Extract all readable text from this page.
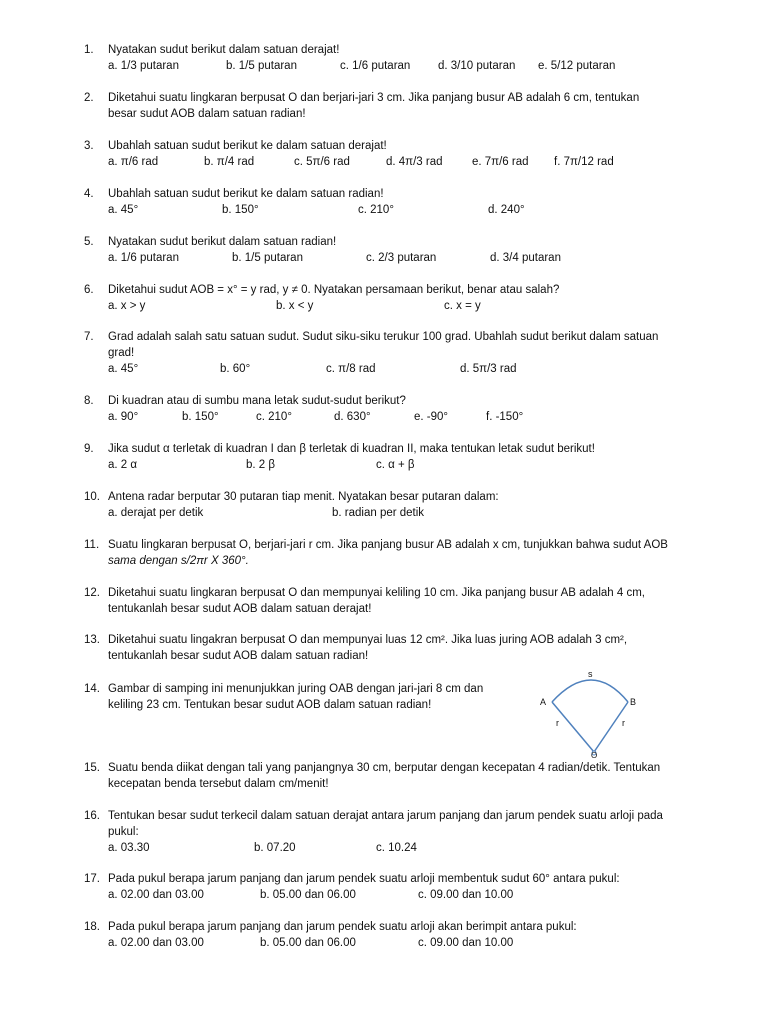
1. Nyatakan sudut berikut dalam satuan derajat!
a. 1/3 putaran	b. 1/5 putaran	c. 1/6 putaran d. 3/10 putaran e. 5/12 putaran
2. Diketahui suatu lingkaran berpusat O dan berjari-jari 3 cm. Jika panjang busur AB adalah 6 cm, tentukan
besar sudut AOB dalam satuan radian!
3. Ubahlah satuan sudut berikut ke dalam satuan derajat!
a. π/6 rad	b. π/4 rad	c. 5π/6 rad	d. 4π/3 rad	e. 7π/6 rad f. 7π/12 rad
4. Ubahlah satuan sudut berikut ke dalam satuan radian!
a. 45°	b. 150°	c. 210°	d. 240°
5. Nyatakan sudut berikut dalam satuan radian!
a. 1/6 putaran	b. 1/5 putaran	c. 2/3 putaran	d. 3/4 putaran
6. Diketahui sudut AOB = x° = y rad, y ≠ 0. Nyatakan persamaan berikut, benar atau salah?
a. x > y	b. x < y	c. x = y
7. Grad adalah salah satu satuan sudut. Sudut siku-siku terukur 100 grad. Ubahlah sudut berikut dalam satuan
grad!
a. 45°	b. 60°	c. π/8 rad	d. 5π/3 rad
8. Di kuadran atau di sumbu mana letak sudut-sudut berikut?
a. 90°	b. 150°	c. 210°	d. 630°	e. -90°	f. -150°
9. Jika sudut α terletak di kuadran I dan β terletak di kuadran II, maka tentukan letak sudut berikut!
a. 2 α	b. 2 β	c. α + β
10. Antena radar berputar 30 putaran tiap menit. Nyatakan besar putaran dalam:
a. derajat per detik	b. radian per detik
11. Suatu lingkaran berpusat O, berjari-jari r cm. Jika panjang busur AB adalah x cm, tunjukkan bahwa sudut AOB
sama dengan s/2πr X 360°.
12. Diketahui suatu lingkaran berpusat O dan mempunyai keliling 10 cm. Jika panjang busur AB adalah 4 cm,
tentukanlah besar sudut AOB dalam satuan derajat!
13. Diketahui suatu lingakran berpusat O dan mempunyai luas 12 cm². Jika luas juring AOB adalah 3 cm²,
tentukanlah besar sudut AOB dalam satuan radian!
14. Gambar di samping ini menunjukkan juring OAB dengan jari-jari 8 cm dan
keliling 23 cm. Tentukan besar sudut AOB dalam satuan radian!
s
A	B
r	r
O
15. Suatu benda diikat dengan tali yang panjangnya 30 cm, berputar dengan kecepatan 4 radian/detik. Tentukan
kecepatan benda tersebut dalam cm/menit!
16. Tentukan besar sudut terkecil dalam satuan derajat antara jarum panjang dan jarum pendek suatu arloji pada
pukul:
a. 03.30	b. 07.20	c. 10.24
17. Pada pukul berapa jarum panjang dan jarum pendek suatu arloji membentuk sudut 60° antara pukul:
a. 02.00 dan 03.00	b. 05.00 dan 06.00	c. 09.00 dan 10.00
18. Pada pukul berapa jarum panjang dan jarum pendek suatu arloji akan berimpit antara pukul:
a. 02.00 dan 03.00	b. 05.00 dan 06.00	c. 09.00 dan 10.00
